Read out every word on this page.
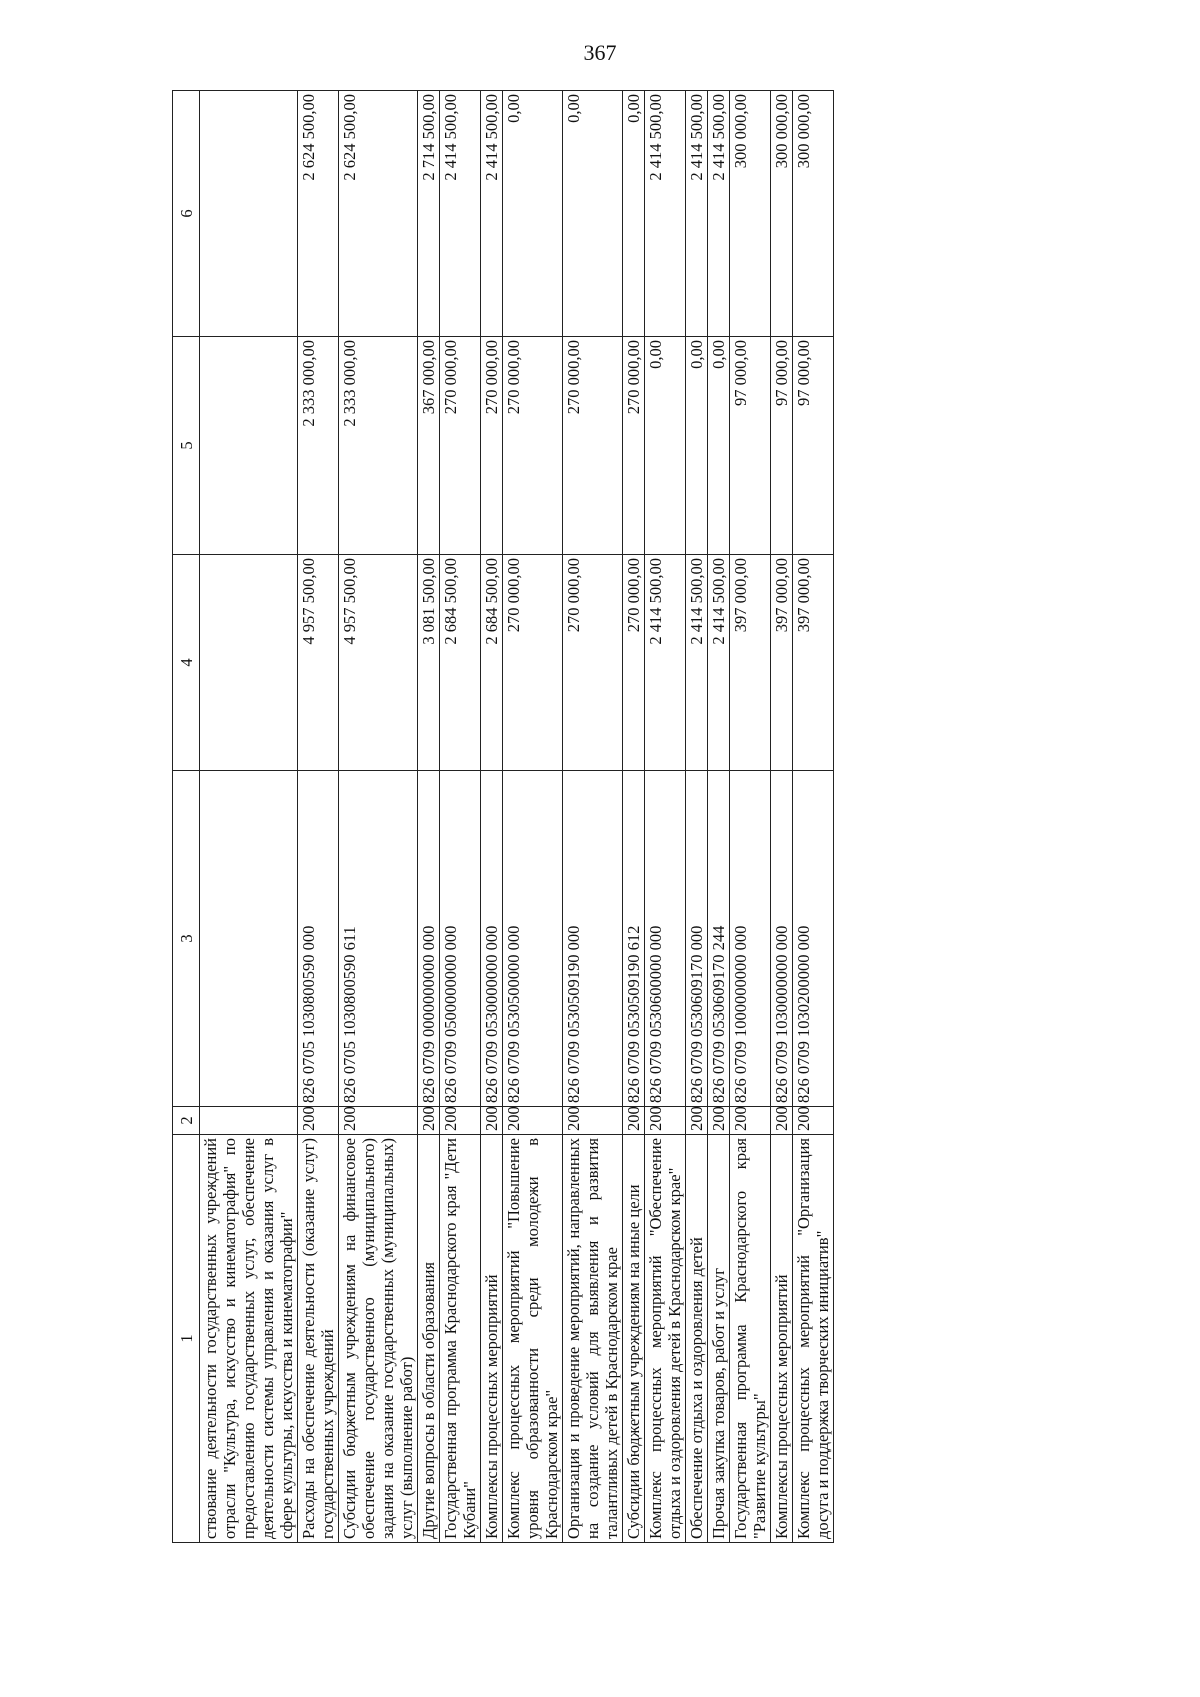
367
1	2	3	4	5	6
ствование деятельности государственных учреждений отрасли "Культура, искусство и кинематография" по предоставлению государственных услуг, обеспечение деятельности системы управления и оказания услуг в сфере культуры, искусства и кинематографии"					
Расходы на обеспечение деятельности (оказание услуг) государственных учреждений	200	826 0705 1030800590 000	4 957 500,00	2 333 000,00	2 624 500,00
Субсидии бюджетным учреждениям на финансовое обеспечение государственного (муниципального) задания на оказание государственных (муниципальных) услуг (выполнение работ)	200	826 0705 1030800590 611	4 957 500,00	2 333 000,00	2 624 500,00
Другие вопросы в области образования	200	826 0709 0000000000 000	3 081 500,00	367 000,00	2 714 500,00
Государственная программа Краснодарского края "Дети Кубани"	200	826 0709 0500000000 000	2 684 500,00	270 000,00	2 414 500,00
Комплексы процессных мероприятий	200	826 0709 0530000000 000	2 684 500,00	270 000,00	2 414 500,00
Комплекс процессных мероприятий "Повышение уровня образованности среди молодежи в Краснодарском крае"	200	826 0709 0530500000 000	270 000,00	270 000,00	0,00
Организация и проведение мероприятий, направленных на создание условий для выявления и развития талантливых детей в Краснодарском крае	200	826 0709 0530509190 000	270 000,00	270 000,00	0,00
Субсидии бюджетным учреждениям на иные цели	200	826 0709 0530509190 612	270 000,00	270 000,00	0,00
Комплекс процессных мероприятий "Обеспечение отдыха и оздоровления детей в Краснодарском крае"	200	826 0709 0530600000 000	2 414 500,00	0,00	2 414 500,00
Обеспечение отдыха и оздоровления детей	200	826 0709 0530609170 000	2 414 500,00	0,00	2 414 500,00
Прочая закупка товаров, работ и услуг	200	826 0709 0530609170 244	2 414 500,00	0,00	2 414 500,00
Государственная программа Краснодарского края "Развитие культуры"	200	826 0709 1000000000 000	397 000,00	97 000,00	300 000,00
Комплексы процессных мероприятий	200	826 0709 1030000000 000	397 000,00	97 000,00	300 000,00
Комплекс процессных мероприятий "Организация досуга и поддержка творческих инициатив"	200	826 0709 1030200000 000	397 000,00	97 000,00	300 000,00
